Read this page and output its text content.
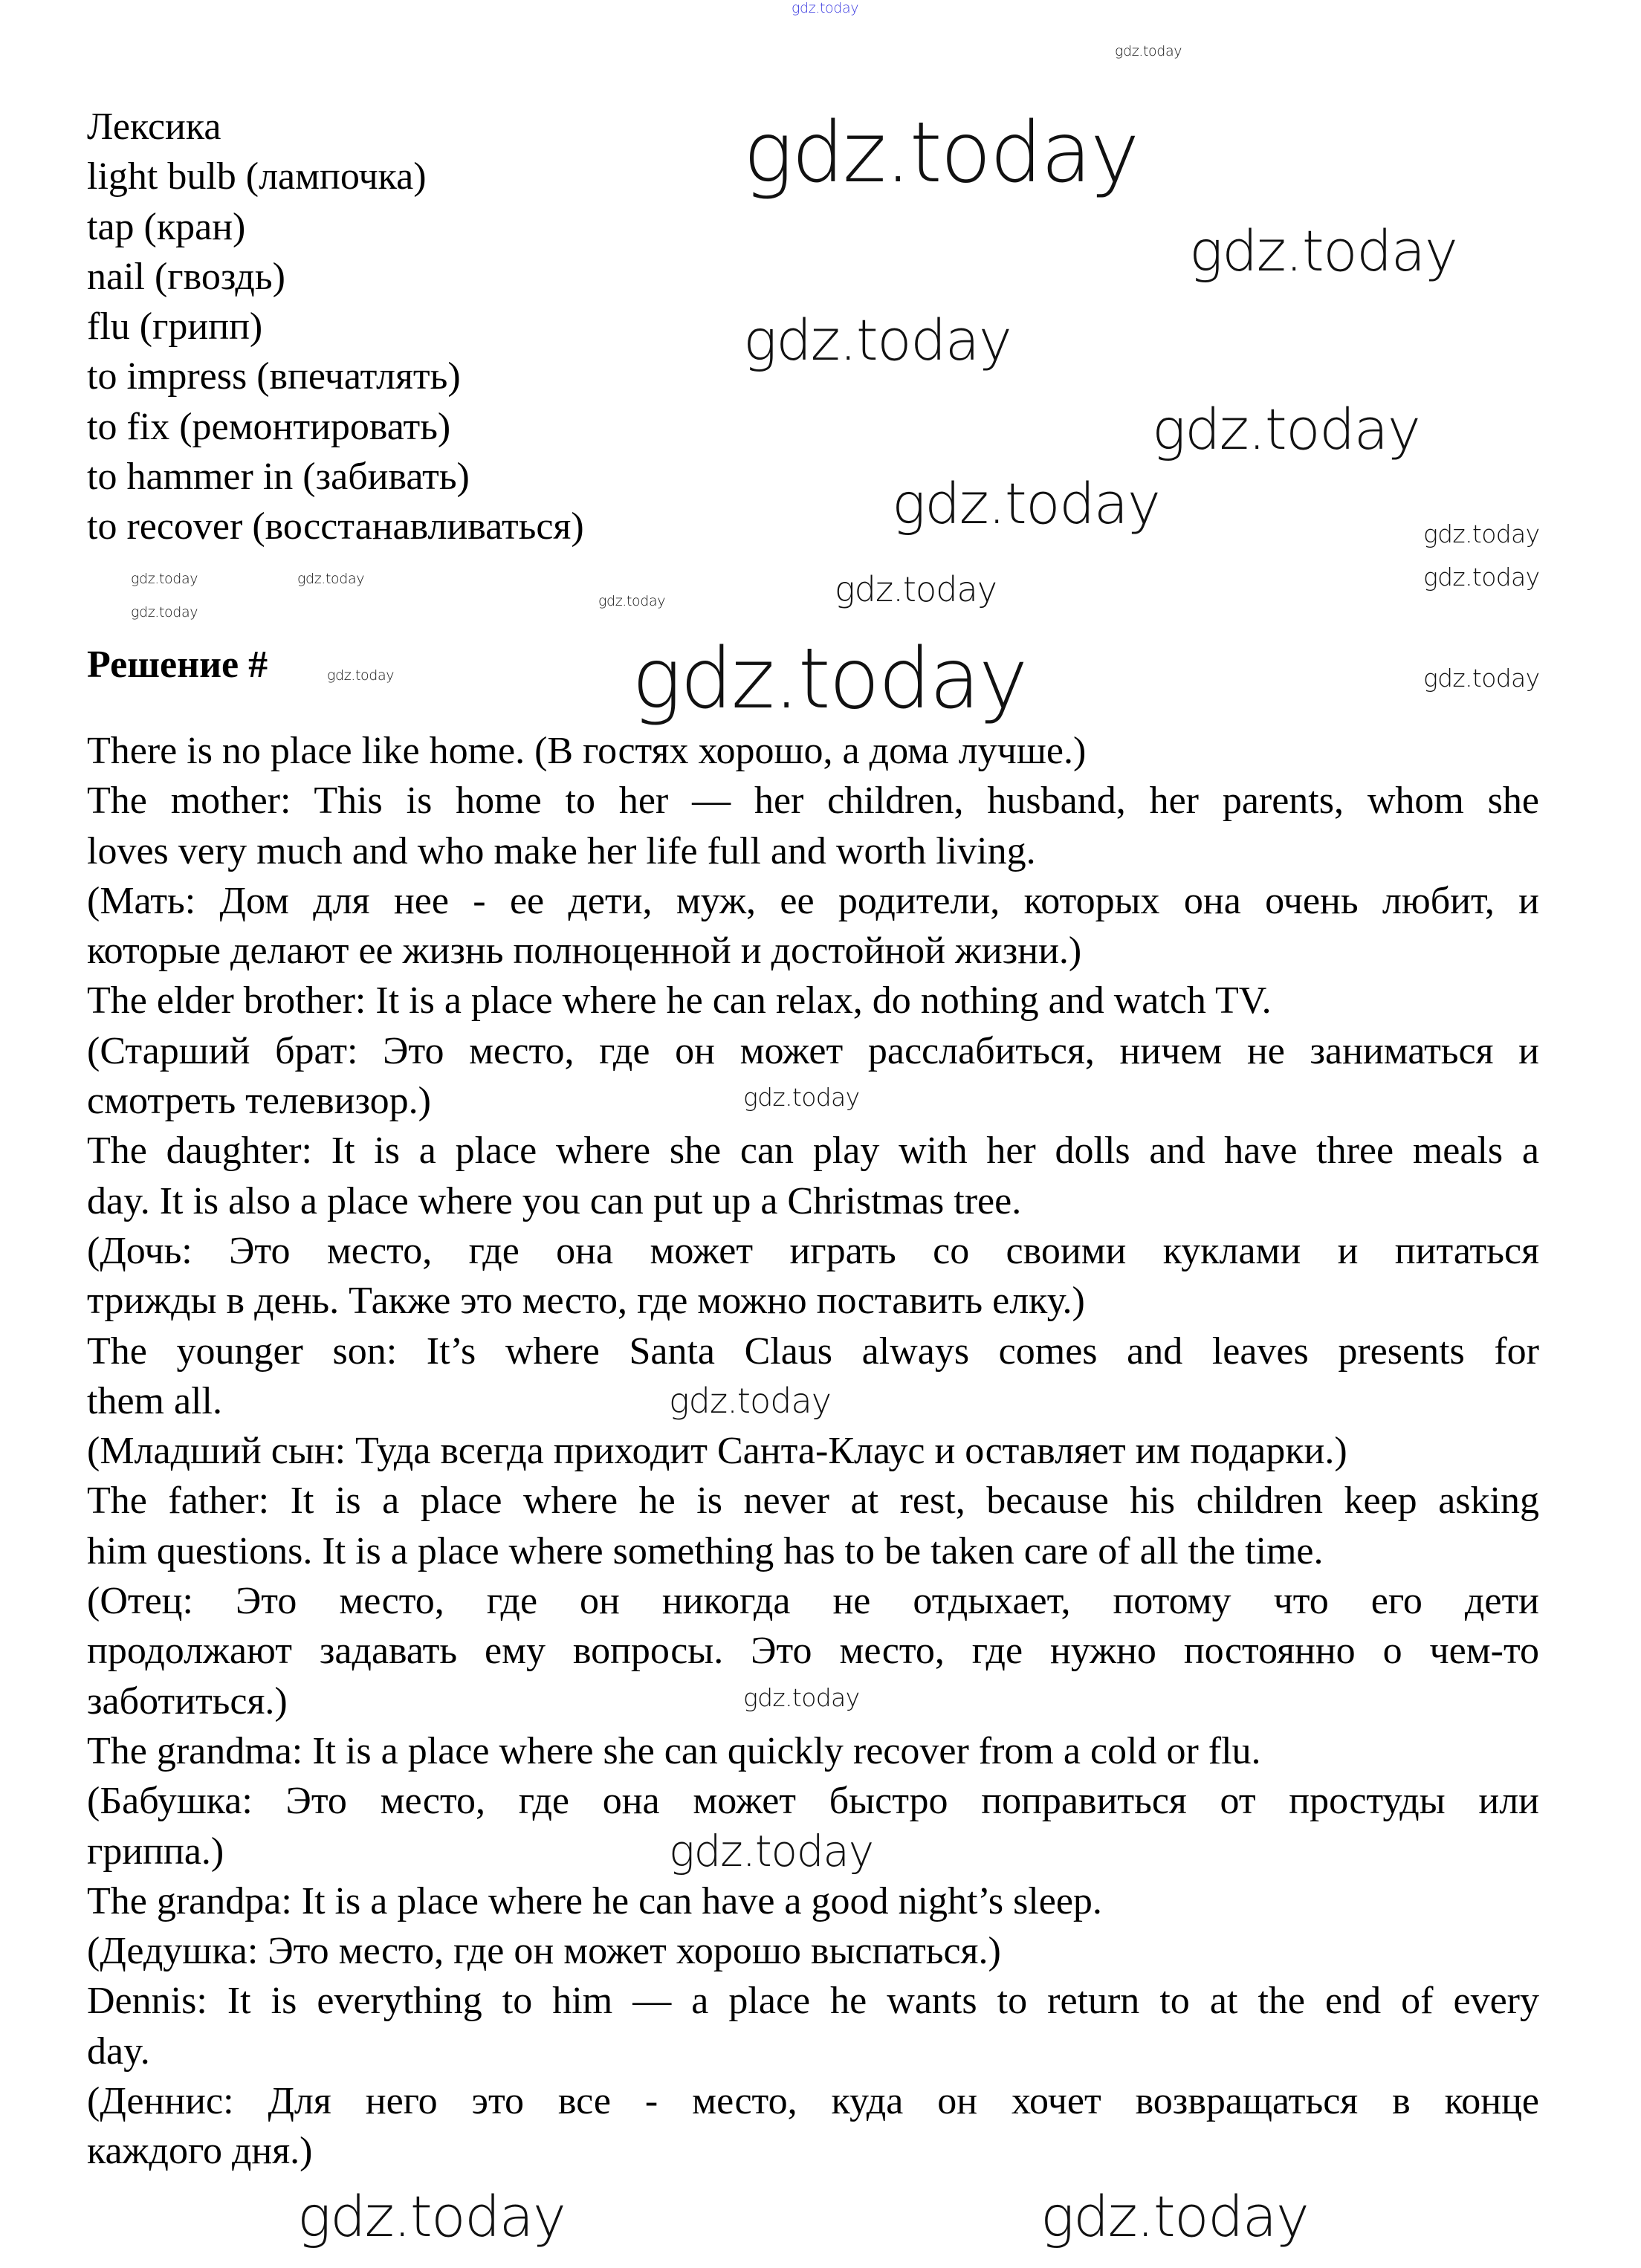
Лексика
light bulb (лампочка)
tap (кран)
nail (гвоздь)
flu (грипп)
to impress (впечатлять)
to fix (ремонтировать)
to hammer in (забивать)
to recover (восстанавливаться)
Решение #
There is no place like home. (В гостях хорошо, а дома лучше.)
The mother: This is home to her — her children, husband, her parents, whom she
loves very much and who make her life full and worth living.
(Мать: Дом для нее - ее дети, муж, ее родители, которых она очень любит, и
которые делают ее жизнь полноценной и достойной жизни.)
The elder brother: It is a place where he can relax, do nothing and watch TV.
(Старший брат: Это место, где он может расслабиться, ничем не заниматься и
смотреть телевизор.)
The daughter: It is a place where she can play with her dolls and have three meals a
day. It is also a place where you can put up a Christmas tree.
(Дочь: Это место, где она может играть со своими куклами и питаться
трижды в день. Также это место, где можно поставить елку.)
The younger son: It’s where Santa Claus always comes and leaves presents for
them all.
(Младший сын: Туда всегда приходит Санта-Клаус и оставляет им подарки.)
The father: It is a place where he is never at rest, because his children keep asking
him questions. It is a place where something has to be taken care of all the time.
(Отец: Это место, где он никогда не отдыхает, потому что его дети
продолжают задавать ему вопросы. Это место, где нужно постоянно о чем-то
заботиться.)
The grandma: It is a place where she can quickly recover from a cold or flu.
(Бабушка: Это место, где она может быстро поправиться от простуды или
гриппа.)
The grandpa: It is a place where he can have a good night’s sleep.
(Дедушка: Это место, где он может хорошо выспаться.)
Dennis: It is everything to him — a place he wants to return to at the end of every
day.
(Деннис: Для него это все - место, куда он хочет возвращаться в конце
каждого дня.)
gdz.today
gdz.today
gdz.today
gdz.today
gdz.today
gdz.today
gdz.today	gdz.today
gdz.today
gdz.today	gdz.today
gdz.today
gdz.today	gdz.today
gdz.today
gdz.today	gdz.today
gdz.today
gdz.today
gdz.today
gdz.today
gdz.today	gdz.today
